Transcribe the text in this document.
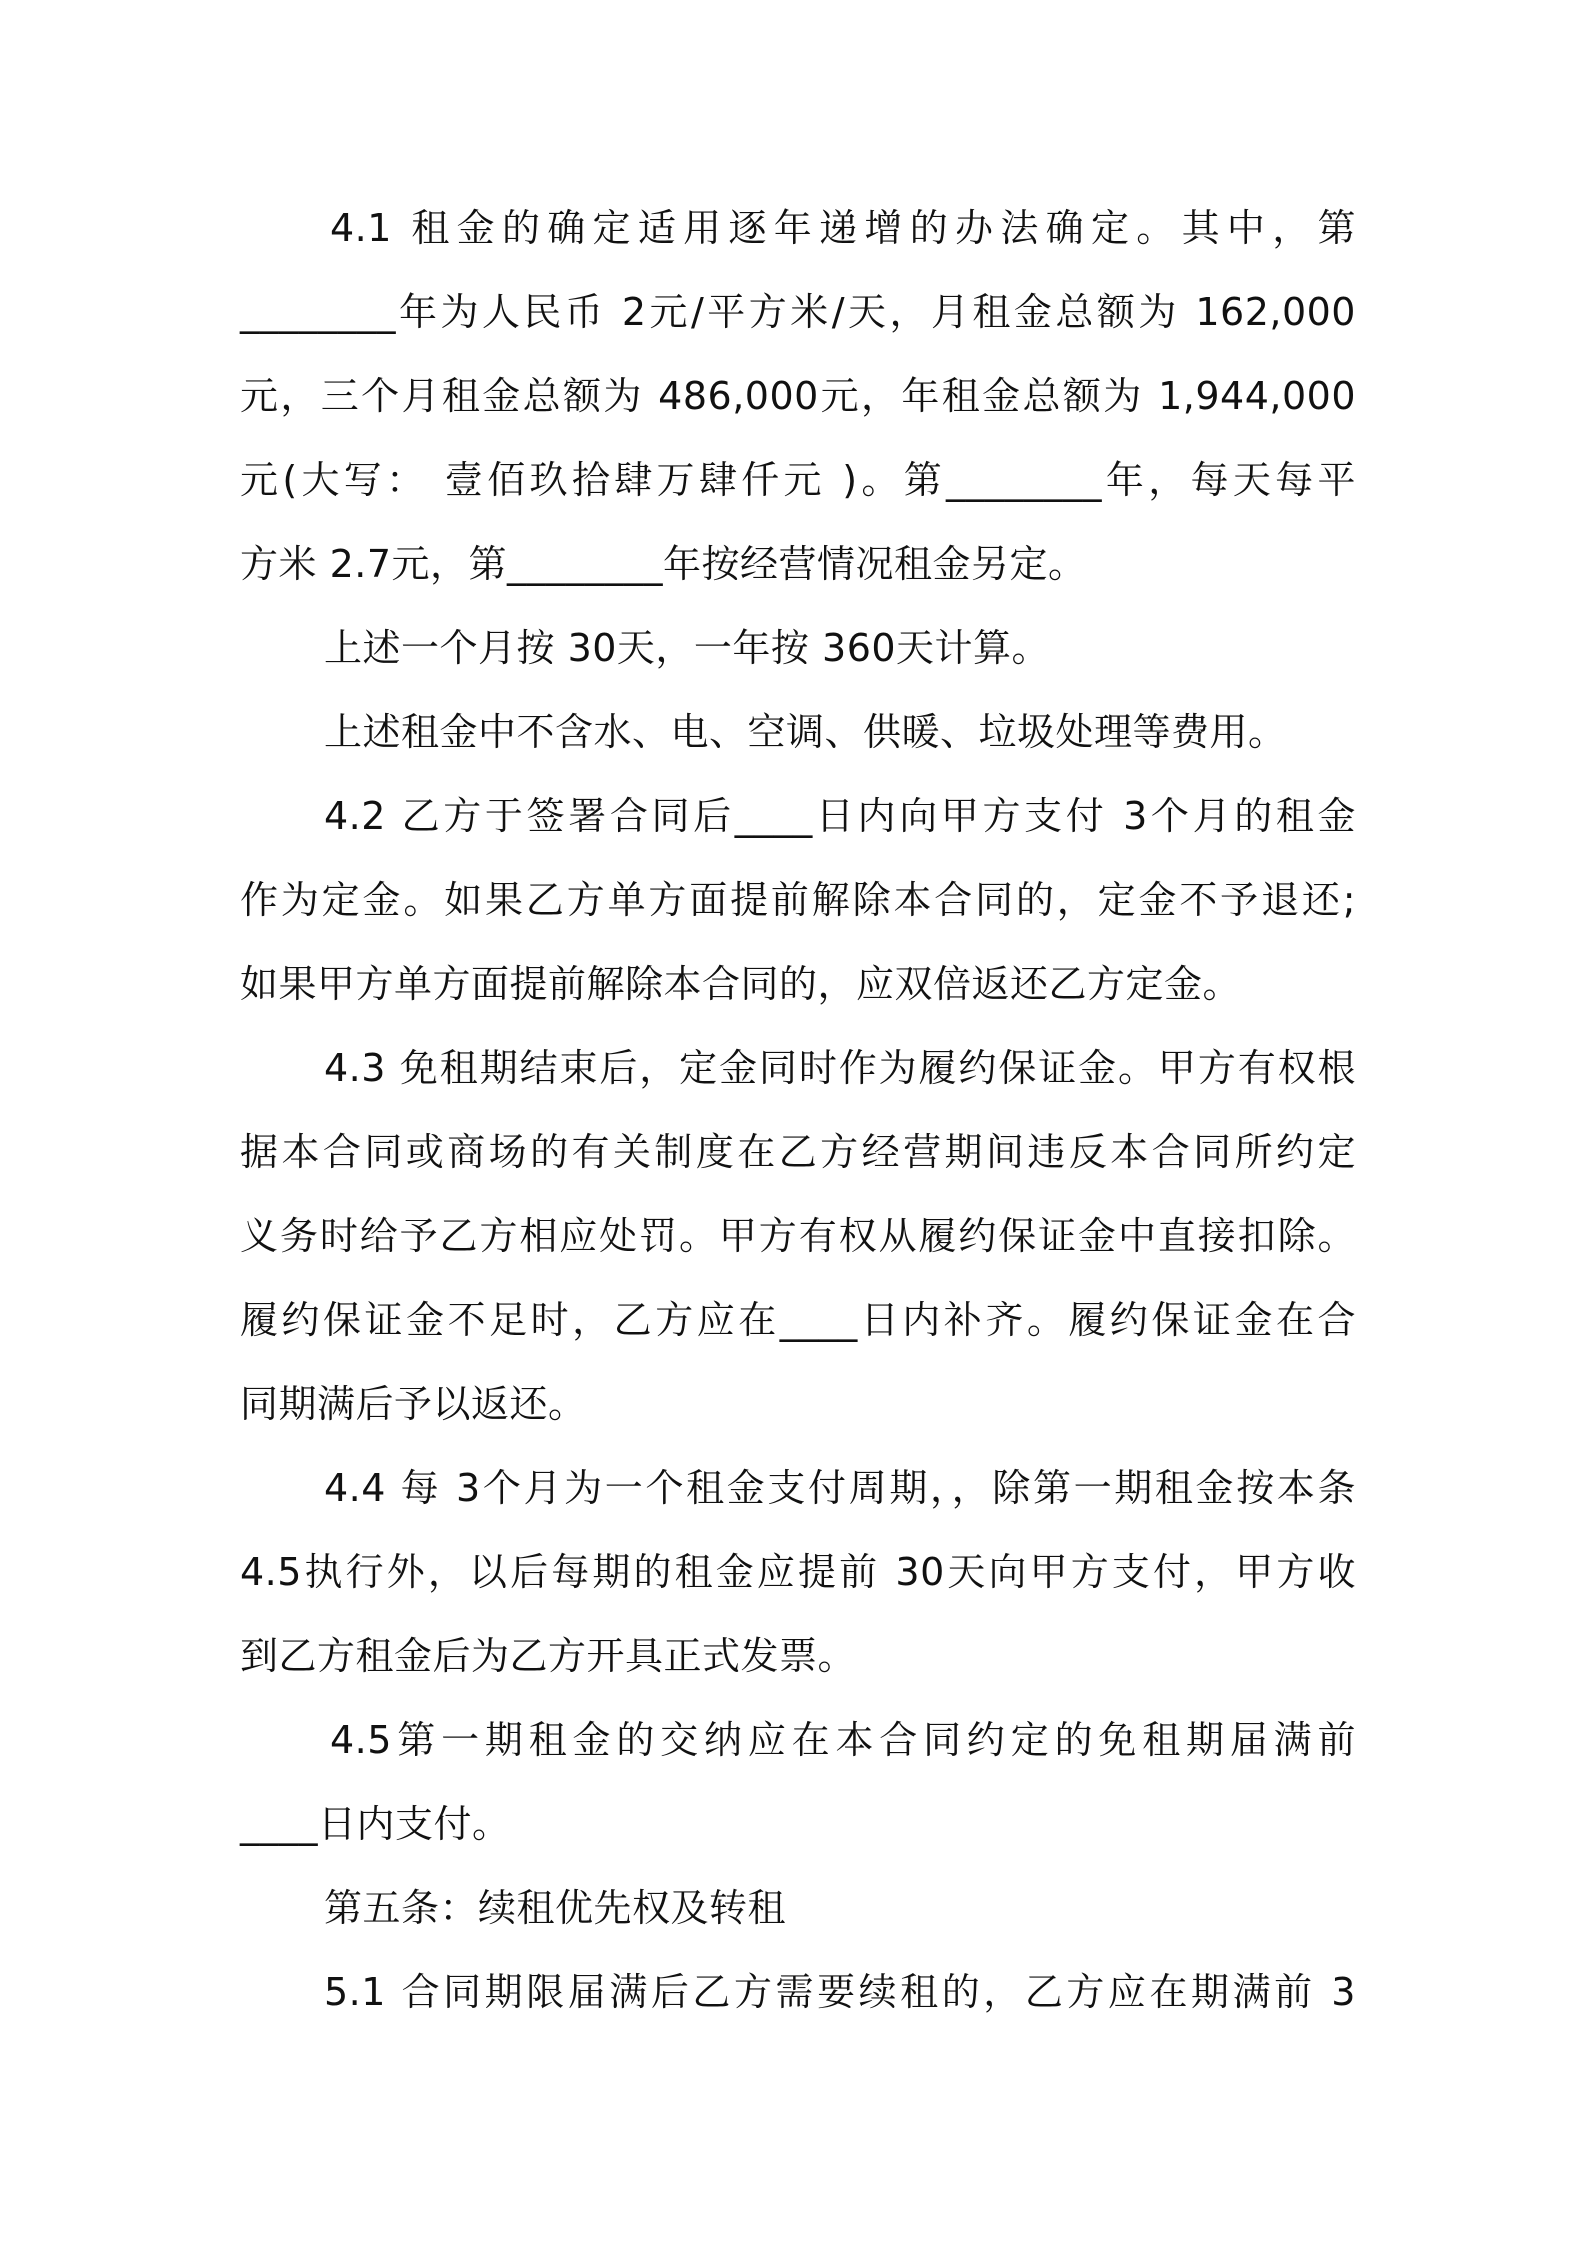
4.1 租金的确定适用逐年递增的办法确定。其中，第
________年为人民币 2元/平方米/天，月租金总额为 162,000
元，三个月租金总额为 486,000元，年租金总额为 1,944,000
元(大写： 壹佰玖拾肆万肆仟元 )。第________年，每天每平
方米 2.7元，第________年按经营情况租金另定。
上述一个月按 30天，一年按 360天计算。
上述租金中不含水、电、空调、供暖、垃圾处理等费用。
4.2 乙方于签署合同后____日内向甲方支付 3个月的租金
作为定金。如果乙方单方面提前解除本合同的，定金不予退还;
如果甲方单方面提前解除本合同的，应双倍返还乙方定金。
4.3 免租期结束后，定金同时作为履约保证金。甲方有权根
据本合同或商场的有关制度在乙方经营期间违反本合同所约定
义务时给予乙方相应处罚。甲方有权从履约保证金中直接扣除。
履约保证金不足时，乙方应在____日内补齐。履约保证金在合
同期满后予以返还。
4.4 每 3个月为一个租金支付周期，，除第一期租金按本条
4.5执行外，以后每期的租金应提前 30天向甲方支付，甲方收
到乙方租金后为乙方开具正式发票。
4.5第一期租金的交纳应在本合同约定的免租期届满前
____日内支付。
第五条：续租优先权及转租
5.1 合同期限届满后乙方需要续租的，乙方应在期满前 3
